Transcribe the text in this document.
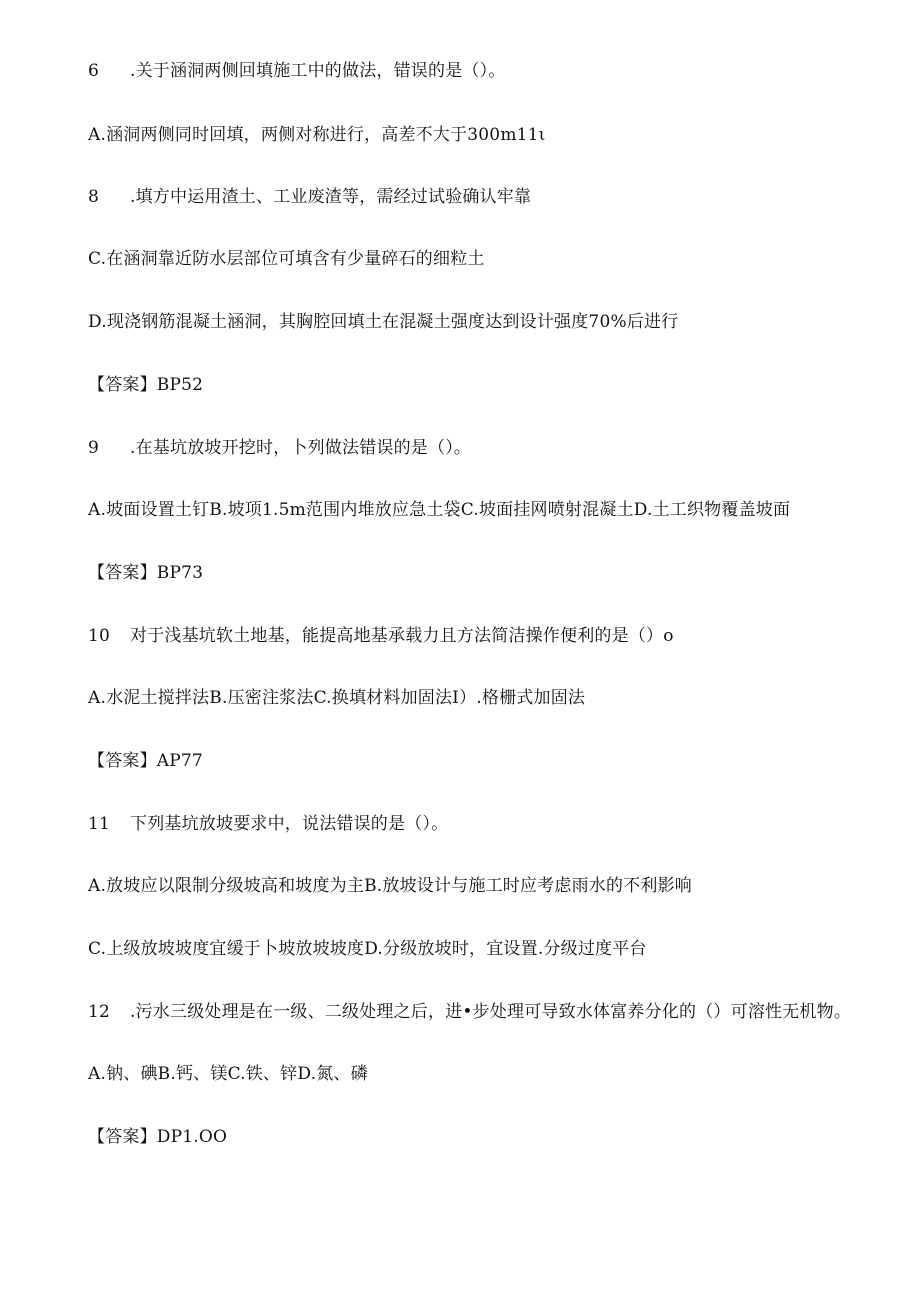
6 .关于涵洞两侧回填施工中的做法，错误的是（）。
A.涵洞两侧同时回填，两侧对称进行，高差不大于300m11ι
8 .填方中运用渣土、工业废渣等，需经过试验确认牢靠
C.在涵洞靠近防水层部位可填含有少量碎石的细粒土
D.现浇钢筋混凝土涵洞，其胸腔回填土在混凝土强度达到设计强度70%后进行
【答案】BP52
9 .在基坑放坡开挖时，卜列做法错误的是（）。
A.坡面设置土钉B.坡项1.5m范围内堆放应急土袋C.坡面挂网喷射混凝土D.土工织物覆盖坡面
【答案】BP73
10 对于浅基坑软土地基，能提高地基承载力且方法简洁操作便利的是（）o
A.水泥土搅拌法B.压密注浆法C.换填材料加固法I）.格栅式加固法
【答案】AP77
11 下列基坑放坡要求中，说法错误的是（）。
A.放坡应以限制分级坡高和坡度为主B.放坡设计与施工时应考虑雨水的不利影响
C.上级放坡坡度宜缓于卜坡放坡坡度D.分级放坡时，宜设置.分级过度平台
12 .污水三级处理是在一级、二级处理之后，进•步处理可导致水体富养分化的（）可溶性无机物。
A.钠、碘B.钙、镁C.铁、锌D.氮、磷
【答案】DP1.OO
